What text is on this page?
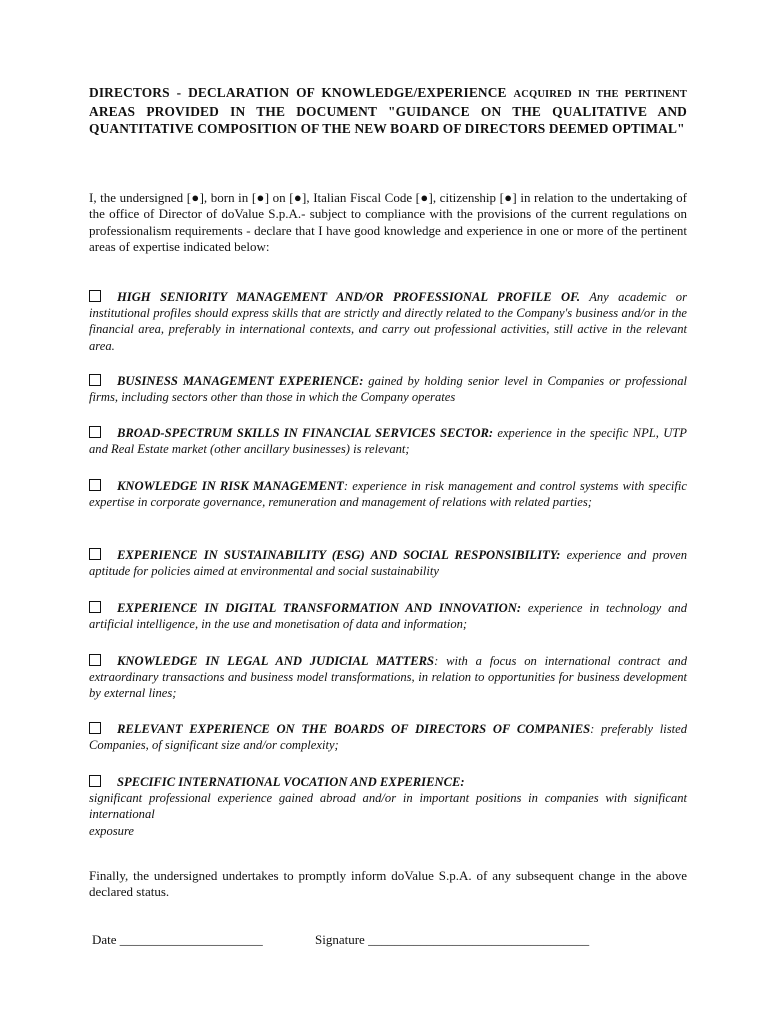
DIRECTORS - DECLARATION OF KNOWLEDGE/EXPERIENCE ACQUIRED IN THE PERTINENT AREAS PROVIDED IN THE DOCUMENT "GUIDANCE ON THE QUALITATIVE AND QUANTITATIVE COMPOSITION OF THE NEW BOARD OF DIRECTORS DEEMED OPTIMAL"
I, the undersigned [●], born in [●] on [●], Italian Fiscal Code [●], citizenship [●] in relation to the undertaking of the office of Director of doValue S.p.A.- subject to compliance with the provisions of the current regulations on professionalism requirements - declare that I have good knowledge and experience in one or more of the pertinent areas of expertise indicated below:
HIGH SENIORITY MANAGEMENT AND/OR PROFESSIONAL PROFILE OF. Any academic or institutional profiles should express skills that are strictly and directly related to the Company's business and/or in the financial area, preferably in international contexts, and carry out professional activities, still active in the relevant area.
BUSINESS MANAGEMENT EXPERIENCE: gained by holding senior level in Companies or professional firms, including sectors other than those in which the Company operates
BROAD-SPECTRUM SKILLS IN FINANCIAL SERVICES SECTOR: experience in the specific NPL, UTP and Real Estate market (other ancillary businesses) is relevant;
KNOWLEDGE IN RISK MANAGEMENT: experience in risk management and control systems with specific expertise in corporate governance, remuneration and management of relations with related parties;
EXPERIENCE IN SUSTAINABILITY (ESG) AND SOCIAL RESPONSIBILITY: experience and proven aptitude for policies aimed at environmental and social sustainability
EXPERIENCE IN DIGITAL TRANSFORMATION AND INNOVATION: experience in technology and artificial intelligence, in the use and monetisation of data and information;
KNOWLEDGE IN LEGAL AND JUDICIAL MATTERS: with a focus on international contract and extraordinary transactions and business model transformations, in relation to opportunities for business development by external lines;
RELEVANT EXPERIENCE ON THE BOARDS OF DIRECTORS OF COMPANIES: preferably listed Companies, of significant size and/or complexity;
SPECIFIC INTERNATIONAL VOCATION AND EXPERIENCE:
significant professional experience gained abroad and/or in important positions in companies with significant international
exposure
Finally, the undersigned undertakes to promptly inform doValue S.p.A. of any subsequent change in the above declared status.
Date ______________________	Signature __________________________________
